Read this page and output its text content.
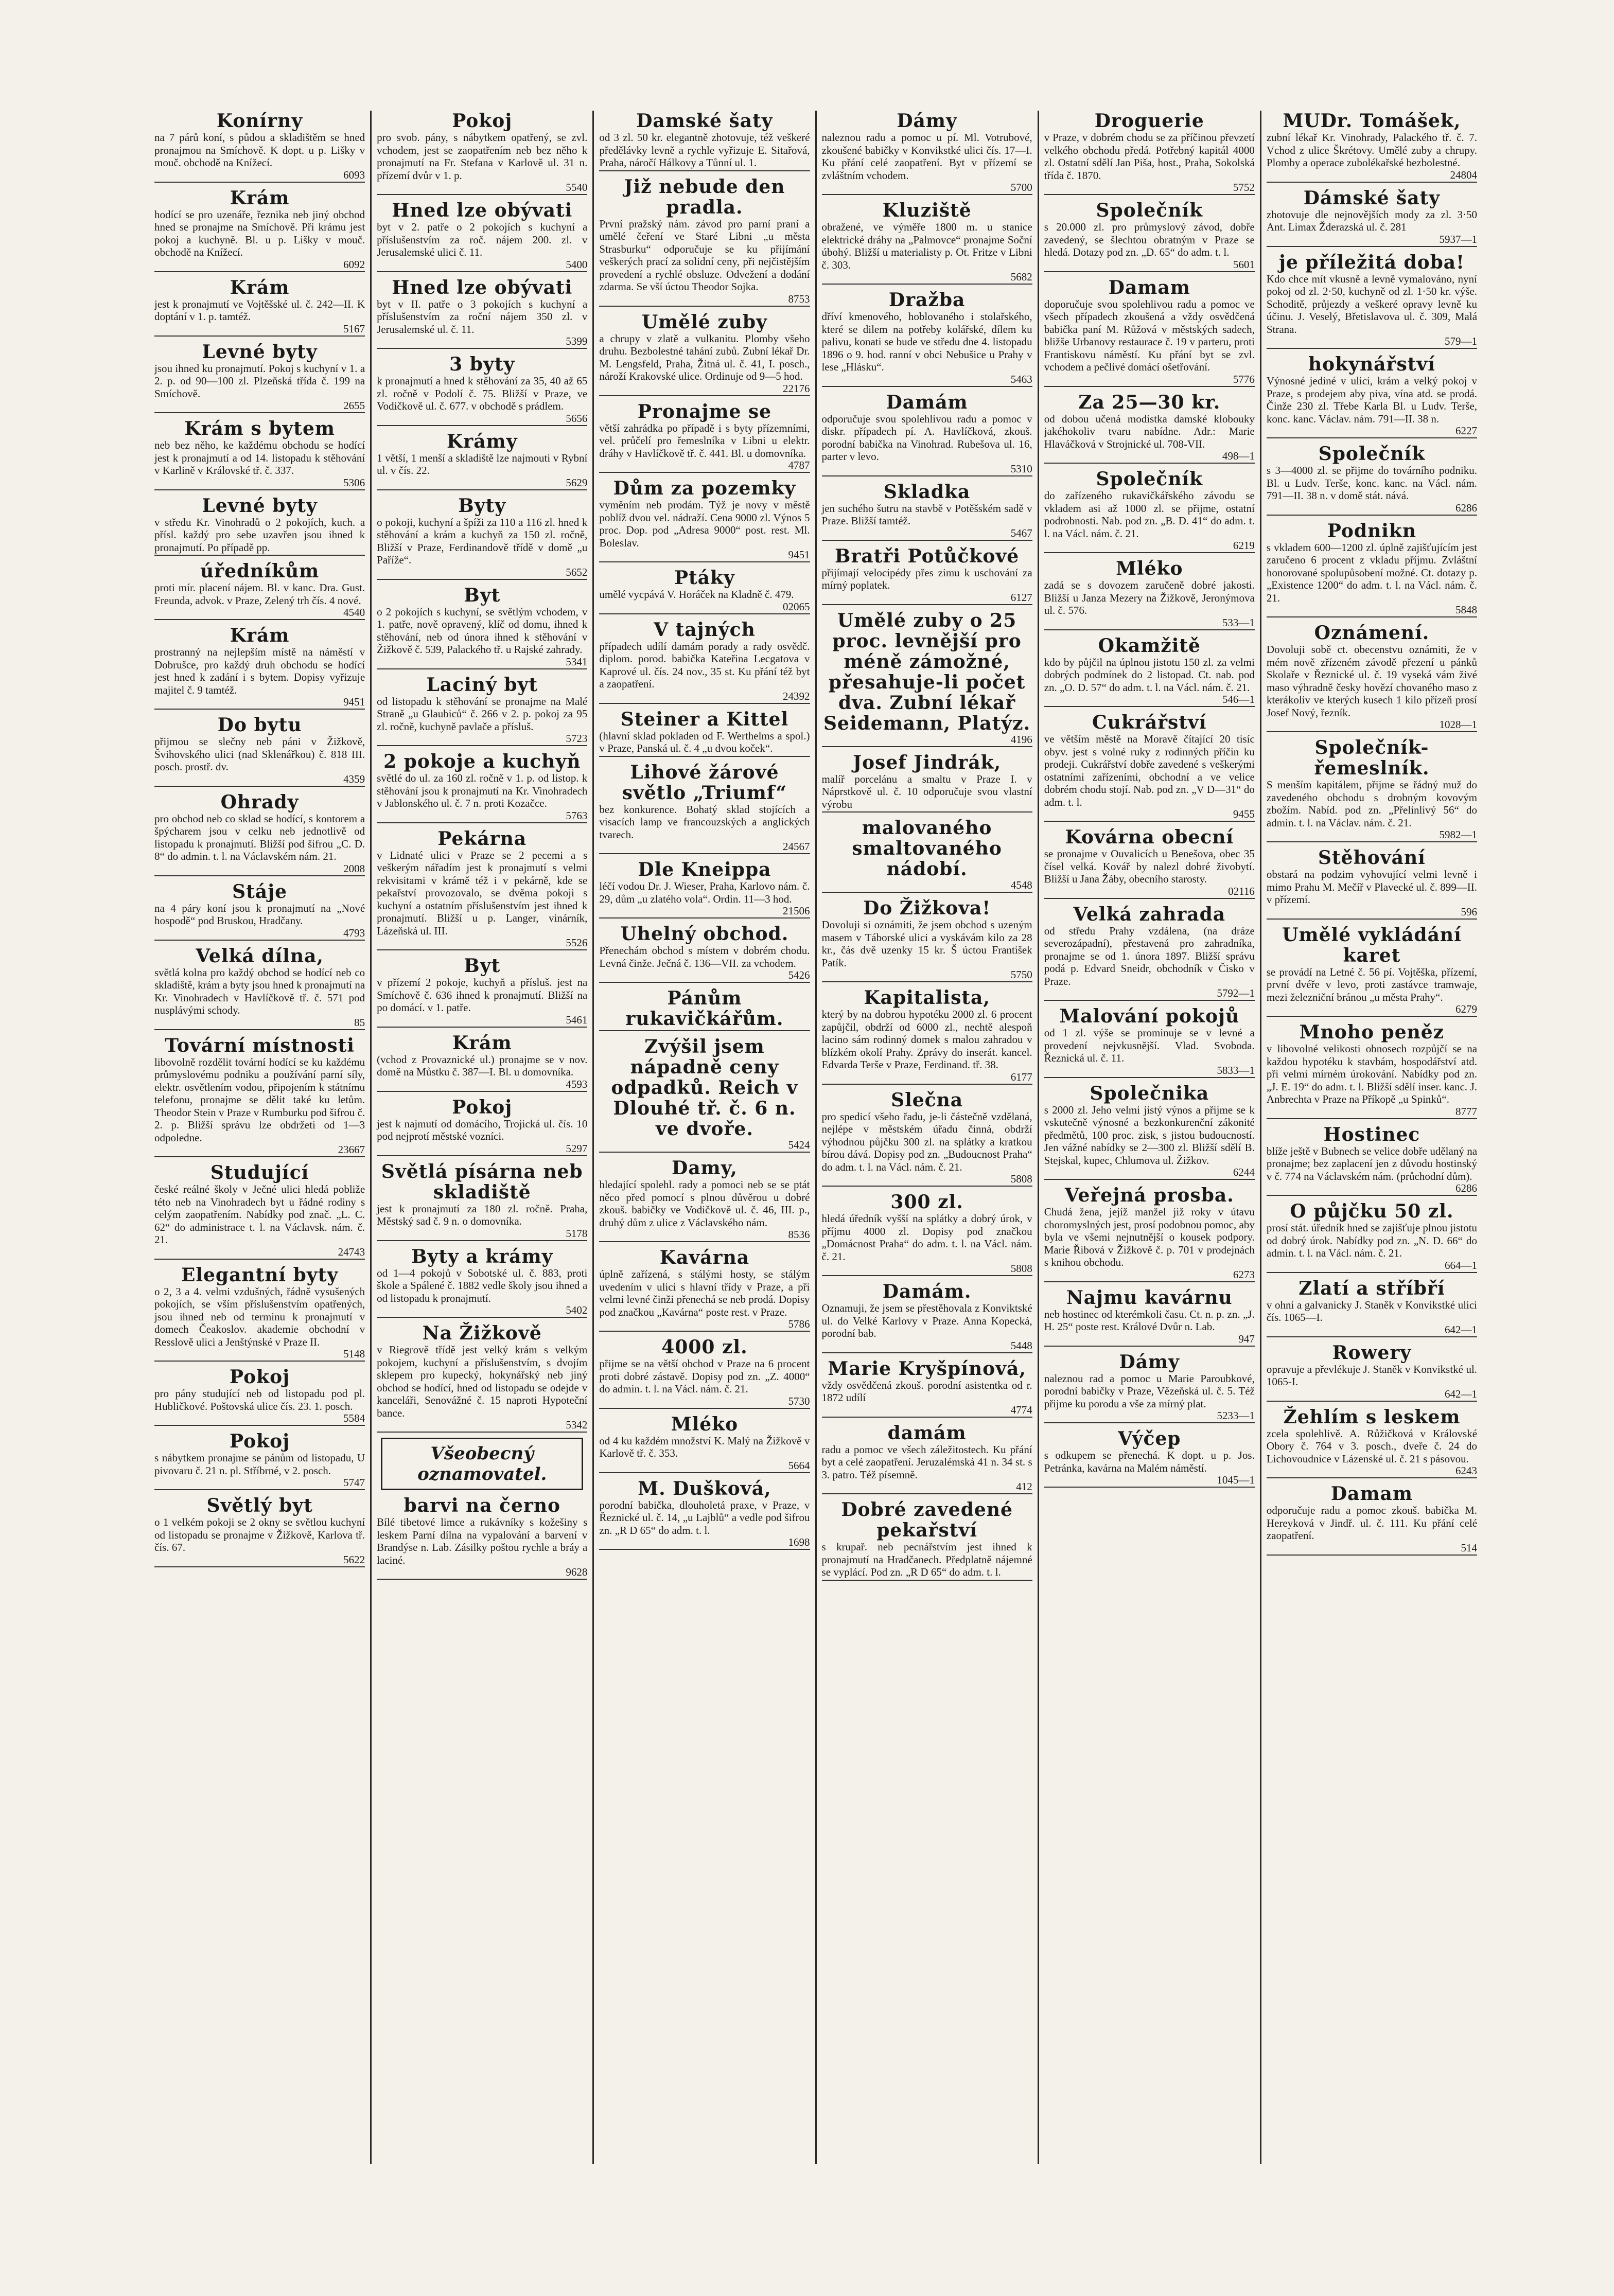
Konírny

na 7 párů koní, s půdou a skladištěm se hned pronajmou na Smíchově. K dopt. u p. Lišky v mouč. obchodě na Knížecí.

6093
Krám

hodící se pro uzenáře, řeznika neb jiný obchod hned se pronajme na Smíchově. Při krámu jest pokoj a kuchyně. Bl. u p. Lišky v mouč. obchodě na Knížecí.

6092
Krám

jest k pronajmutí ve Vojtěšské ul. č. 242—II. K doptání v 1. p. tamtéž.

5167
Levné byty

jsou ihned ku pronajmutí. Pokoj s kuchyní v 1. a 2. p. od 90—100 zl. Plzeňská třída č. 199 na Smíchově.

2655
Krám s bytem

neb bez něho, ke každému obchodu se hodící jest k pronajmutí a od 14. listopadu k stěhování v Karlině v Královské tř. č. 337.

5306
Levné byty

v středu Kr. Vinohradů o 2 pokojích, kuch. a přísl. každý pro sebe uzavřen jsou ihned k pronajmutí. Po případě pp.

úředníkům

proti mír. placení nájem. Bl. v kanc. Dra. Gust. Freunda, advok. v Praze, Zelený trh čís. 4 nové.

4540
Krám

prostranný na nejlepším místě na náměstí v Dobrušce, pro každý druh obchodu se hodící jest hned k zadání i s bytem. Dopisy vyřizuje majitel č. 9 tamtéž.

9451
Do bytu

přijmou se slečny neb páni v Žižkově, Švihovského ulici (nad Sklenářkou) č. 818 III. posch. prostř. dv.

4359
Ohrady

pro obchod neb co sklad se hodící, s kontorem a špýcharem jsou v celku neb jednotlivě od listopadu k pronajmutí. Bližší pod šifrou „C. D. 8“ do admin. t. l. na Václavském nám. 21.

2008
Stáje

na 4 páry koní jsou k pronajmutí na „Nové hospodě“ pod Bruskou, Hradčany.

4793
Velká dílna,

světlá kolna pro každý obchod se hodící neb co skladiště, krám a byty jsou hned k pronajmutí na Kr. Vinohradech v Havlíčkově tř. č. 571 pod nusplávými schody.

85
Tovární místnosti

libovolně rozdělit tovární hodící se ku každému průmyslovému podniku a používání parní síly, elektr. osvětlením vodou, připojením k státnímu telefonu, pronajme se dělit také ku letům. Theodor Stein v Praze v Rumburku pod šifrou č. 2. p. Bližší správu lze obdržeti od 1—3 odpoledne.

23667
Studující

české reálné školy v Ječné ulici hledá pobliže této neb na Vinohradech byt u řádné rodiny s celým zaopatřením. Nabídky pod znač. „L. C. 62“ do administrace t. l. na Václavsk. nám. č. 21.

24743
Elegantní byty

o 2, 3 a 4. velmi vzdušných, řádně vysušených pokojích, se vším příslušenstvím opatřených, jsou ihned neb od terminu k pronajmutí v domech Čeakoslov. akademie obchodní v Resslově ulici a Jenštýnské v Praze II.

5148
Pokoj

pro pány studující neb od listopadu pod pl. Hubličkové. Poštovská ulice čís. 23. 1. posch.

5584
Pokoj

s nábytkem pronajme se pánům od listopadu, U pivovaru č. 21 n. pl. Stříbrné, v 2. posch.

5747
Světlý byt

o 1 velkém pokoji se 2 okny se světlou kuchyní od listopadu se pronajme v Žižkově, Karlova tř. čís. 67.

5622
Pokoj

pro svob. pány, s nábytkem opatřený, se zvl. vchodem, jest se zaopatřením neb bez něho k pronajmutí na Fr. Stefana v Karlově ul. 31 n. přízemí dvůr v 1. p.

5540
Hned lze obývati

byt v 2. patře o 2 pokojích s kuchyní a příslušenstvím za roč. nájem 200. zl. v Jerusalemské ulici č. 11.

5400
Hned lze obývati

byt v II. patře o 3 pokojích s kuchyní a příslušenstvím za roční nájem 350 zl. v Jerusalemské ul. č. 11.

5399
3 byty

k pronajmutí a hned k stěhování za 35, 40 až 65 zl. ročně v Podolí č. 75. Bližší v Praze, ve Vodičkově ul. č. 677. v obchodě s prádlem.

5656
Krámy

1 větší, 1 menší a skladiště lze najmouti v Rybní ul. v čís. 22.

5629
Byty

o pokoji, kuchyní a špíži za 110 a 116 zl. hned k stěhování a krám a kuchyň za 150 zl. ročně, Bližší v Praze, Ferdinandově třídě v domě „u Paříže“.

5652
Byt

o 2 pokojích s kuchyní, se světlým vchodem, v 1. patře, nově opravený, klíč od domu, ihned k stěhování, neb od února ihned k stěhování v Žižkově č. 539, Palackého tř. u Rajské zahrady.

5341
Laciný byt

od listopadu k stěhování se pronajme na Malé Straně „u Glaubiců“ č. 266 v 2. p. pokoj za 95 zl. ročně, kuchyně pavlače a přísluš.

5723
2 pokoje a kuchyň

světlé do ul. za 160 zl. ročně v 1. p. od listop. k stěhování jsou k pronajmutí na Kr. Vinohradech v Jablonského ul. č. 7 n. proti Kozačce.

5763
Pekárna

v Lidnaté ulici v Praze se 2 pecemi a s veškerým nářadím jest k pronajmutí s velmi rekvisitami v krámě též i v pekárně, kde se pekařství provozovalo, se dvěma pokoji s kuchyní a ostatním příslušenstvím jest ihned k pronajmutí. Bližší u p. Langer, vinárník, Lázeňská ul. III.

5526
Byt

v přízemí 2 pokoje, kuchyň a přísluš. jest na Smíchově č. 636 ihned k pronajmutí. Bližší na po domácí. v 1. patře.

5461
Krám

(vchod z Provaznické ul.) pronajme se v nov. domě na Můstku č. 387—I. Bl. u domovníka.

4593
Pokoj

jest k najmutí od domácího, Trojická ul. čís. 10 pod nejprotí městské vozníci.

5297
Světlá písárna neb skladiště

jest k pronajmutí za 180 zl. ročně. Praha, Městský sad č. 9 n. o domovníka.

5178
Byty a krámy

od 1—4 pokojů v Sobotské ul. č. 883, proti škole a Spálené č. 1882 vedle školy jsou ihned a od listopadu k pronajmutí.

5402
Na Žižkově

v Riegrově třídě jest velký krám s velkým pokojem, kuchyní a příslušenstvím, s dvojím sklepem pro kupecký, hokynářský neb jiný obchod se hodící, hned od listopadu se odejde v kanceláři, Senovážné č. 15 naproti Hypoteční bance.

5342
Všeobecný
oznamovatel.
barvi na černo

Bílé tibetové limce a rukávníky s kožešiny s leskem Parní dílna na vypalování a barvení v Brandýse n. Lab. Zásilky poštou rychle a bráy a laciné.

9628
Damské šaty

od 3 zl. 50 kr. elegantně zhotovuje, též veškeré předělávky levně a rychle vyřizuje E. Sitařová, Praha, náročí Hálkovy a Tůnní ul. 1.

Již nebude den pradla.

První pražský nám. závod pro parní praní a umělé čeření ve Staré Libni „u města Strasburku“ odporučuje se ku přijímání veškerých prací za solidní ceny, při nejčistějším provedení a rychlé obsluze. Odvežení a dodání zdarma. Se vší úctou Theodor Sojka.

8753
Umělé zuby

a chrupy v zlatě a vulkanitu. Plomby všeho druhu. Bezbolestné tahání zubů. Zubní lékař Dr. M. Lengsfeld, Praha, Žitná ul. č. 41, I. posch., nároží Krakovské ulice. Ordinuje od 9—5 hod.

22176
Pronajme se

větší zahrádka po případě i s byty přízemními, vel. průčelí pro řemeslníka v Libni u elektr. dráhy v Havlíčkově tř. č. 441. Bl. u domovníka.

4787
Dům za pozemky

vyměním neb prodám. Týž je novy v městě poblíž dvou vel. nádraží. Cena 9000 zl. Výnos 5 proc. Dop. pod „Adresa 9000“ post. rest. Ml. Boleslav.

9451
Ptáky

umělé vycpává V. Horáček na Kladně č. 479.

02065
V tajných

případech udílí damám porady a rady osvědč. diplom. porod. babička Kateřina Lecgatova v Kaprové ul. čís. 24 nov., 35 st. Ku přání též byt a zaopatření.

24392
Steiner a Kittel

(hlavní sklad pokladen od F. Werthelms a spol.) v Praze, Panská ul. č. 4 „u dvou koček“.

Lihové žárové světlo „Triumf“

bez konkurence. Bohatý sklad stojících a visacích lamp ve francouzských a anglických tvarech.

24567
Dle Kneippa

léčí vodou Dr. J. Wieser, Praha, Karlovo nám. č. 29, dům „u zlatého vola“. Ordin. 11—3 hod.

21506
Uhelný obchod.

Přenechám obchod s místem v dobrém chodu. Levná činže. Ječná č. 136—VII. za vchodem.

5426
Pánům rukavičkářům.
Zvýšil jsem nápadně ceny odpadků. Reich v Dlouhé tř. č. 6 n. ve dvoře.
5424
Damy,

hledající spolehl. rady a pomoci neb se se ptát něco před pomocí s plnou důvěrou u dobré zkouš. babičky ve Vodičkově ul. č. 46, III. p., druhý dům z ulice z Václavského nám.

8536
Kavárna

úplně zařízená, s stálými hosty, se stálým uvedením v ulici s hlavní třídy v Praze, a při velmi levné činži přenechá se neb prodá. Dopisy pod značkou „Kavárna“ poste rest. v Praze.

5786
4000 zl.

přijme se na větší obchod v Praze na 6 procent proti dobré zástavě. Dopisy pod zn. „Z. 4000“ do admin. t. l. na Václ. nám. č. 21.

5730
Mléko

od 4 ku každém množství K. Malý na Žižkově v Karlově tř. č. 353.

5664
M. Dušková,

porodní babička, dlouholetá praxe, v Praze, v Řeznické ul. č. 14, „u Lajblů“ a vedle pod šifrou zn. „R D 65“ do adm. t. l.

1698
Dámy

naleznou radu a pomoc u pí. Ml. Votrubové, zkoušené babičky v Konvikstké ulici čís. 17—I. Ku přání celé zaopatření. Byt v přízemí se zvláštním vchodem.

5700
Kluziště

obražené, ve výměře 1800 m. u stanice elektrické dráhy na „Palmovce“ pronajme Soční úbohý. Bližší u materialisty p. Ot. Fritze v Libni č. 303.

5682
Dražba

dříví kmenového, hoblovaného i stolařského, které se dilem na potřeby kolářské, dílem ku palivu, konati se bude ve středu dne 4. listopadu 1896 o 9. hod. ranní v obci Nebušice u Prahy v lese „Hlásku“.

5463
Damám

odporučuje svou spolehlivou radu a pomoc v diskr. případech pí. A. Havlíčková, zkouš. porodní babička na Vinohrad. Rubešova ul. 16, parter v levo.

5310
Skladka

jen suchého šutru na stavbě v Potěšském sadě v Praze. Bližší tamtéž.

5467
Bratři Potůčkové

přijímají velocipédy přes zimu k uschování za mírný poplatek.

6127
Umělé zuby o 25 proc. levnější pro méně zámožné, přesahuje-li počet dva. Zubní lékař Seidemann, Platýz.
4196
Josef Jindrák,

malíř porcelánu a smaltu v Praze I. v Náprstkově ul. č. 10 odporučuje svou vlastní výrobu

malovaného smaltovaného nádobí.
4548
Do Žižkova!

Dovoluji si oznámiti, že jsem obchod s uzeným masem v Táborské ulici a vyskávám kilo za 28 kr., čás dvě uzenky 15 kr. Š úctou František Patík.

5750
Kapitalista,

který by na dobrou hypotéku 2000 zl. 6 procent zapůjčil, obdrží od 6000 zl., nechtě alespoň lacino sám rodinný domek s malou zahradou v blízkém okolí Prahy. Zprávy do inserát. kancel. Edvarda Terše v Praze, Ferdinand. tř. 38.

6177
Slečna

pro spedicí všeho řadu, je-li částečně vzdělaná, nejlépe v městském úřadu činná, obdrží výhodnou půjčku 300 zl. na splátky a kratkou bírou dává. Dopisy pod zn. „Budoucnost Praha“ do adm. t. l. na Václ. nám. č. 21.

5808
300 zl.

hledá úředník vyšší na splátky a dobrý úrok, v příjmu 4000 zl. Dopisy pod značkou „Domácnost Praha“ do adm. t. l. na Václ. nám. č. 21.

5808
Damám.

Oznamuji, že jsem se přestěhovala z Konviktské ul. do Velké Karlovy v Praze. Anna Kopecká, porodní bab.

5448
Marie Kryšpínová,

vždy osvědčená zkouš. porodní asistentka od r. 1872 udílí

4774
damám

radu a pomoc ve všech záležitostech. Ku přání byt a celé zaopatření. Jeruzalémská 41 n. 34 st. s 3. patro. Též písemně.

412
Dobré zavedené pekařství

s krupař. neb pecnářstvím jest ihned k pronajmutí na Hradčanech. Předplatně nájemné se vyplácí. Pod zn. „R D 65“ do adm. t. l.

Droguerie

v Praze, v dobrém chodu se za příčinou převzetí velkého obchodu předá. Potřebný kapitál 4000 zl. Ostatní sdělí Jan Piša, host., Praha, Sokolská třída č. 1870.

5752
Společník

s 20.000 zl. pro průmyslový závod, dobře zavedený, se šlechtou obratným v Praze se hledá. Dotazy pod zn. „D. 65“ do adm. t. l.

5601
Damam

doporučuje svou spolehlivou radu a pomoc ve všech případech zkoušená a vždy osvědčená babička paní M. Růžová v městských sadech, bližše Urbanovy restaurace č. 19 v parteru, proti Frantiskovu náměstí. Ku přání byt se zvl. vchodem a pečlivé domácí ošetřování.

5776
Za 25—30 kr.

od dobou učená modistka damské klobouky jakéhokoliv tvaru nabídne. Adr.: Marie Hlaváčková v Strojnické ul. 708-VII.

498—1
Společník

do zařízeného rukavičkářského závodu se vkladem asi až 1000 zl. se přijme, ostatní podrobnosti. Nab. pod zn. „B. D. 41“ do adm. t. l. na Václ. nám. č. 21.

6219
Mléko

zadá se s dovozem zaručeně dobré jakosti. Bližší u Janza Mezery na Žižkově, Jeronýmova ul. č. 576.

533—1
Okamžitě

kdo by půjčil na úplnou jistotu 150 zl. za velmi dobrých podmínek do 2 listopad. Ct. nab. pod zn. „O. D. 57“ do adm. t. l. na Václ. nám. č. 21.

546—1
Cukrářství

ve větším městě na Moravě čítající 20 tisíc obyv. jest s volné ruky z rodinných příčin ku prodeji. Cukrářství dobře zavedené s veškerými ostatními zařízeními, obchodní a ve velice dobrém chodu stojí. Nab. pod zn. „V D—31“ do adm. t. l.

9455
Kovárna obecní

se pronajme v Ouvalicích u Benešova, obec 35 čísel velká. Kovář by nalezl dobré živobytí. Bližší u Jana Žáby, obecního starosty.

02116
Velká zahrada

od středu Prahy vzdálena, (na dráze severozápadní), přestavená pro zahradníka, pronajme se od 1. února 1897. Bližší správu podá p. Edvard Sneidr, obchodník v Čisko v Praze.

5792—1
Malování pokojů

od 1 zl. výše se prominuje se v levné a provedení nejvkusnější. Vlad. Svoboda. Řeznická ul. č. 11.

5833—1
Společnika

s 2000 zl. Jeho velmi jistý výnos a přijme se k vskutečně výnosné a bezkonkurenční zákonité předmětů, 100 proc. zisk, s jistou budoucností. Jen vážné nabídky se 2—300 zl. Bližší sdělí B. Stejskal, kupec, Chlumova ul. Žižkov.

6244
Veřejná prosba.

Chudá žena, jejíž manžel již roky v útavu choromyslných jest, prosí podobnou pomoc, aby byla ve všemi nejnutnější o kousek podpory. Marie Řibová v Žižkově č. p. 701 v prodejnách s knihou obchodu.

6273
Najmu kavárnu

neb hostinec od kterémkoli času. Ct. n. p. zn. „J. H. 25“ poste rest. Králové Dvůr n. Lab.

947
Dámy

naleznou rad a pomoc u Marie Paroubkové, porodní babičky v Praze, Vězeňská ul. č. 5. Též přijme ku porodu a vše za mírný plat.

5233—1
Výčep

s odkupem se přenechá. K dopt. u p. Jos. Petránka, kavárna na Malém náměstí.

1045—1
MUDr. Tomášek,

zubní lékař Kr. Vinohrady, Palackého tř. č. 7. Vchod z ulice Škrétovy. Umělé zuby a chrupy. Plomby a operace zubolékařské bezbolestné.

24804
Dámské šaty

zhotovuje dle nejnovějších mody za zl. 3·50 Ant. Limax Žderazská ul. č. 281

5937—1
je příležitá doba!

Kdo chce mít vkusně a levně vymalováno, nyní pokoj od zl. 2·50, kuchyně od zl. 1·50 kr. výše. Schoditě, průjezdy a veškeré opravy levně ku účinu. J. Veselý, Břetislavova ul. č. 309, Malá Strana.

579—1
hokynářství

Výnosné jediné v ulici, krám a velký pokoj v Praze, s prodejem aby piva, vína atd. se prodá. Činže 230 zl. Třebe Karla Bl. u Ludv. Terše, konc. kanc. Václav. nám. 791—II. 38 n.

6227
Společník

s 3—4000 zl. se přijme do továrního podniku. Bl. u Ludv. Terše, konc. kanc. na Václ. nám. 791—II. 38 n. v domě stát. nává.

6286
Podnikn

s vkladem 600—1200 zl. úplně zajišťujícím jest zaručeno 6 procent z vkladu příjmu. Zvláštní honorované spolupůsobení možné. Ct. dotazy p. „Existence 1200“ do adm. t. l. na Václ. nám. č. 21.

5848
Oznámení.

Dovoluji sobě ct. obecenstvu oznámiti, že v mém nově zřízeném závodě přezení u pánků Skolaře v Řeznické ul. č. 19 vyseká vám živé maso výhradně česky hovězí chovaného maso z kterákoliv ve kterých kusech 1 kilo přízeň prosí Josef Nový, řezník.

1028—1
Společník-řemeslník.

S menším kapitálem, přijme se řádný muž do zavedeného obchodu s drobným kovovým zbožím. Nabíd. pod zn. „Přelinlivý 56“ do admin. t. l. na Václav. nám. č. 21.

5982—1
Stěhování

obstará na podzim vyhovující velmi levně i mimo Prahu M. Mečíř v Plavecké ul. č. 899—II. v přízemí.

596
Umělé vykládání karet

se provádí na Letné č. 56 pí. Vojtěška, přízemí, první dvéře v levo, proti zastávce tramwaje, mezi železniční bránou „u města Prahy“.

6279
Mnoho peněz

v libovolné velikosti obnosech rozpůjčí se na každou hypotéku k stavbám, hospodářství atd. při velmi mírném úrokování. Nabídky pod zn. „J. E. 19“ do adm. t. l. Bližší sdělí inser. kanc. J. Anbrechta v Praze na Příkopě „u Spinků“.

8777
Hostinec

blíže ještě v Bubnech se velice dobře udělaný na pronajme; bez zaplacení jen z důvodu hostinský v č. 774 na Václavském nám. (průchodní dům).

6286
O půjčku 50 zl.

prosí stát. úředník hned se zajišťuje plnou jistotu od dobrý úrok. Nabídky pod zn. „N. D. 66“ do admin. t. l. na Václ. nám. č. 21.

664—1
Zlatí a stříbří

v ohni a galvanicky J. Staněk v Konvikstké ulici čís. 1065—I.

642—1
Rowery

opravuje a převlékuje J. Staněk v Konvikstké ul. 1065-I.

642—1
Žehlím s leskem

zcela spolehlivě. A. Růžičková v Královské Obory č. 764 v 3. posch., dveře č. 24 do Lichovoudnice v Lázenské ul. č. 21 s pásovou.

6243
Damam

odporučuje radu a pomoc zkouš. babička M. Hereyková v Jindř. ul. č. 111. Ku přání celé zaopatření.

514
